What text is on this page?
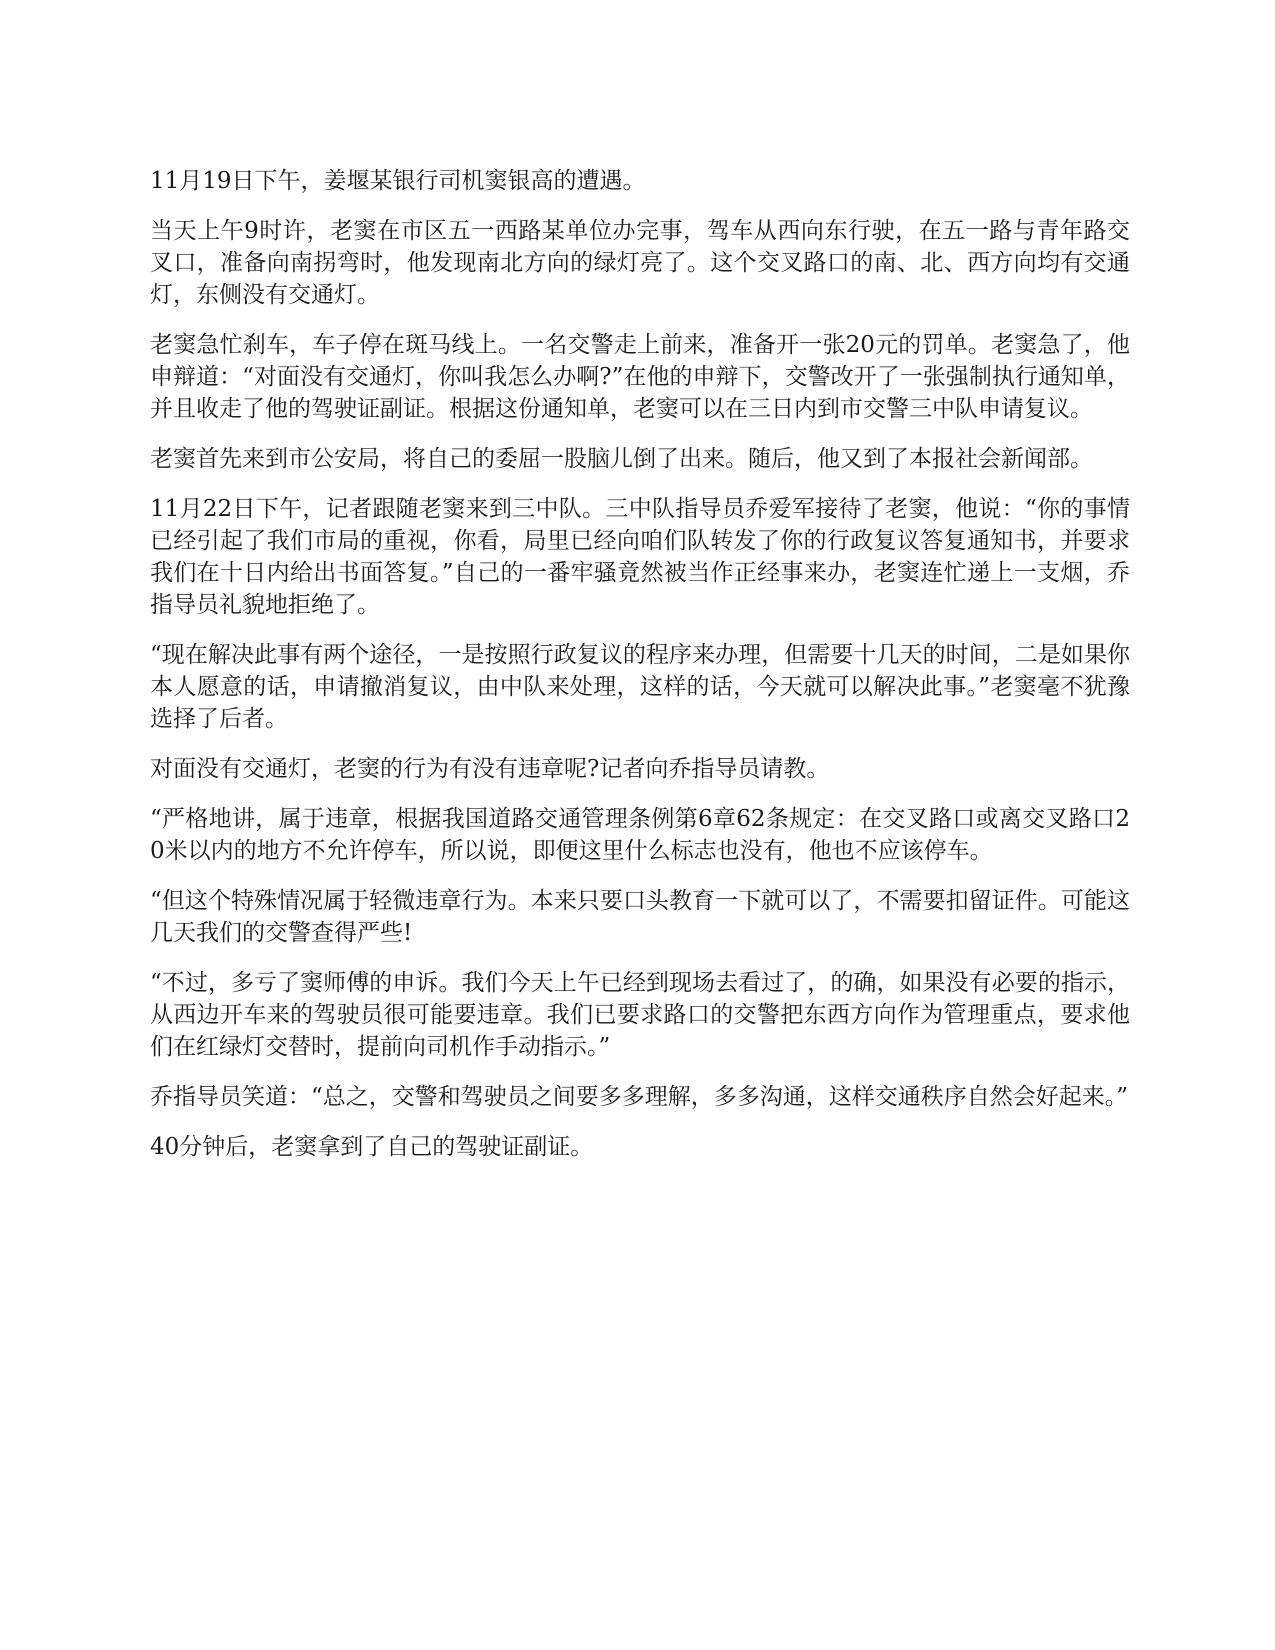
11月19日下午，姜堰某银行司机窦银高的遭遇。

当天上午9时许，老窦在市区五一西路某单位办完事，驾车从西向东行驶，在五一路与青年路交叉口，准备向南拐弯时，他发现南北方向的绿灯亮了。这个交叉路口的南、北、西方向均有交通灯，东侧没有交通灯。

老窦急忙刹车，车子停在斑马线上。一名交警走上前来，准备开一张20元的罚单。老窦急了，他申辩道：“对面没有交通灯，你叫我怎么办啊?”在他的申辩下，交警改开了一张强制执行通知单，并且收走了他的驾驶证副证。根据这份通知单，老窦可以在三日内到市交警三中队申请复议。

老窦首先来到市公安局，将自己的委屈一股脑儿倒了出来。随后，他又到了本报社会新闻部。

11月22日下午，记者跟随老窦来到三中队。三中队指导员乔爱军接待了老窦，他说：“你的事情已经引起了我们市局的重视，你看，局里已经向咱们队转发了你的行政复议答复通知书，并要求我们在十日内给出书面答复。”自己的一番牢骚竟然被当作正经事来办，老窦连忙递上一支烟，乔指导员礼貌地拒绝了。

“现在解决此事有两个途径，一是按照行政复议的程序来办理，但需要十几天的时间，二是如果你本人愿意的话，申请撤消复议，由中队来处理，这样的话，今天就可以解决此事。”老窦毫不犹豫选择了后者。

对面没有交通灯，老窦的行为有没有违章呢?记者向乔指导员请教。

“严格地讲，属于违章，根据我国道路交通管理条例第6章62条规定：在交叉路口或离交叉路口20米以内的地方不允许停车，所以说，即便这里什么标志也没有，他也不应该停车。

“但这个特殊情况属于轻微违章行为。本来只要口头教育一下就可以了，不需要扣留证件。可能这几天我们的交警查得严些!

“不过，多亏了窦师傅的申诉。我们今天上午已经到现场去看过了，的确，如果没有必要的指示，从西边开车来的驾驶员很可能要违章。我们已要求路口的交警把东西方向作为管理重点，要求他们在红绿灯交替时，提前向司机作手动指示。”

乔指导员笑道：“总之，交警和驾驶员之间要多多理解，多多沟通，这样交通秩序自然会好起来。”

40分钟后，老窦拿到了自己的驾驶证副证。
